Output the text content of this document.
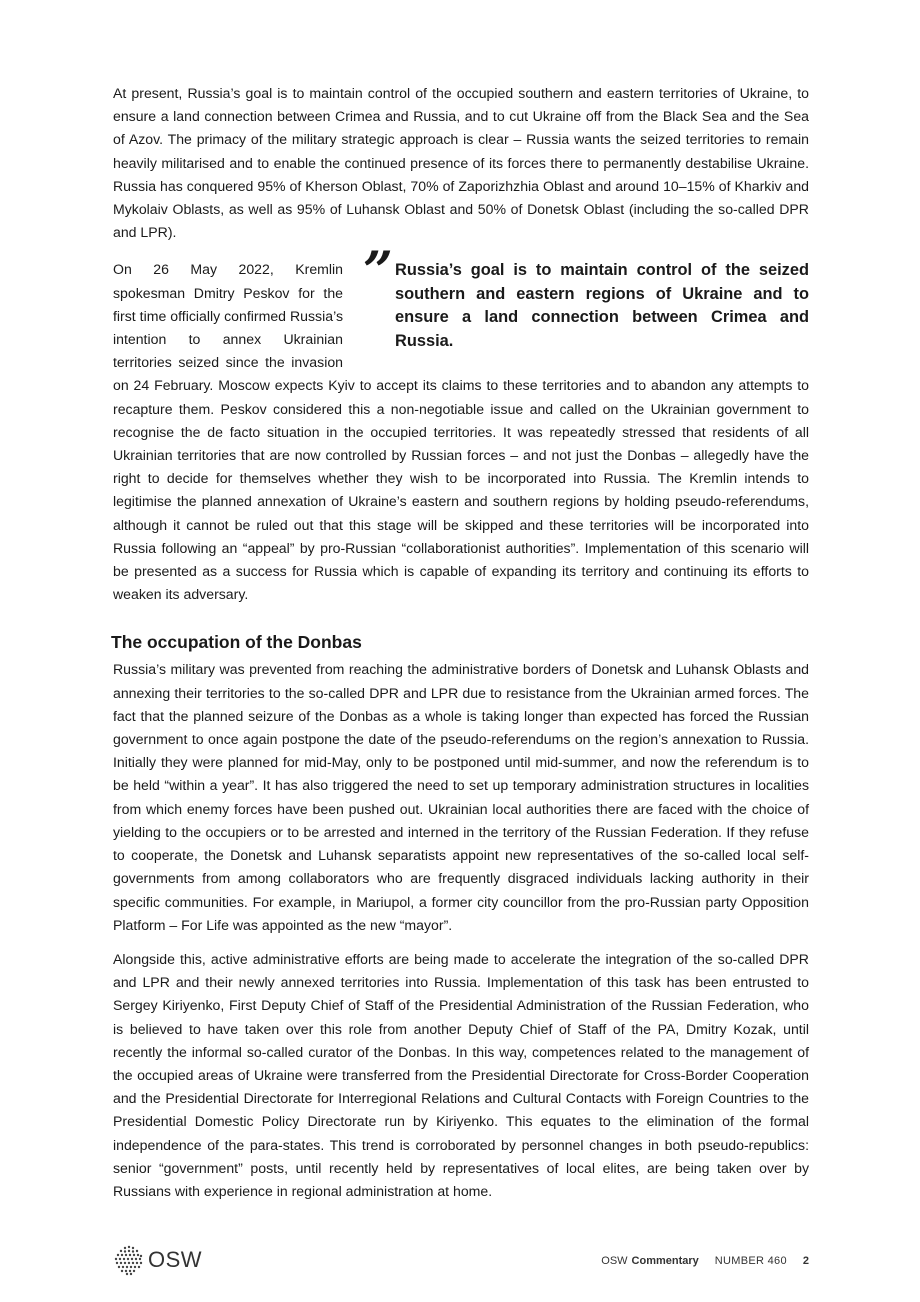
At present, Russia’s goal is to maintain control of the occupied southern and eastern territories of Ukraine, to ensure a land connection between Crimea and Russia, and to cut Ukraine off from the Black Sea and the Sea of Azov. The primacy of the military strategic approach is clear – Russia wants the seized territories to remain heavily militarised and to enable the continued presence of its forces there to permanently destabilise Ukraine. Russia has conquered 95% of Kherson Oblast, 70% of Zaporizhzhia Oblast and around 10–15% of Kharkiv and Mykolaiv Oblasts, as well as 95% of Luhansk Oblast and 50% of Donetsk Oblast (including the so-called DPR and LPR).

” Russia’s goal is to maintain control of the seized southern and eastern regions of Ukraine and to ensure a land connection between Crimea and Russia.

On 26 May 2022, Kremlin spokesman Dmitry Peskov for the first time officially confirmed Russia’s intention to annex Ukrainian territories seized since the invasion on 24 February. Moscow expects Kyiv to accept its claims to these territories and to abandon any attempts to recapture them. Peskov considered this a non-negotiable issue and called on the Ukrainian government to recognise the de facto situation in the occupied territories. It was repeatedly stressed that residents of all Ukrainian territories that are now controlled by Russian forces – and not just the Donbas – allegedly have the right to decide for themselves whether they wish to be incorporated into Russia. The Kremlin intends to legitimise the planned annexation of Ukraine’s eastern and southern regions by holding pseudo-referendums, although it cannot be ruled out that this stage will be skipped and these territories will be incorporated into Russia following an “appeal” by pro-Russian “collaborationist authorities”. Implementation of this scenario will be presented as a success for Russia which is capable of expanding its territory and continuing its efforts to weaken its adversary.

The occupation of the Donbas

Russia’s military was prevented from reaching the administrative borders of Donetsk and Luhansk Oblasts and annexing their territories to the so-called DPR and LPR due to resistance from the Ukrainian armed forces. The fact that the planned seizure of the Donbas as a whole is taking longer than expected has forced the Russian government to once again postpone the date of the pseudo-referendums on the region’s annexation to Russia. Initially they were planned for mid-May, only to be postponed until mid-summer, and now the referendum is to be held “within a year”. It has also triggered the need to set up temporary administration structures in localities from which enemy forces have been pushed out. Ukrainian local authorities there are faced with the choice of yielding to the occupiers or to be arrested and interned in the territory of the Russian Federation. If they refuse to cooperate, the Donetsk and Luhansk separatists appoint new representatives of the so-called local self-governments from among collaborators who are frequently disgraced individuals lacking authority in their specific communities. For example, in Mariupol, a former city councillor from the pro-Russian party Opposition Platform – For Life was appointed as the new “mayor”.

Alongside this, active administrative efforts are being made to accelerate the integration of the so-called DPR and LPR and their newly annexed territories into Russia. Implementation of this task has been entrusted to Sergey Kiriyenko, First Deputy Chief of Staff of the Presidential Administration of the Russian Federation, who is believed to have taken over this role from another Deputy Chief of Staff of the PA, Dmitry Kozak, until recently the informal so-called curator of the Donbas. In this way, competences related to the management of the occupied areas of Ukraine were transferred from the Presidential Directorate for Cross-Border Cooperation and the Presidential Directorate for Interregional Relations and Cultural Contacts with Foreign Countries to the Presidential Domestic Policy Directorate run by Kiriyenko. This equates to the elimination of the formal independence of the para-states. This trend is corroborated by personnel changes in both pseudo-republics: senior “government” posts, until recently held by representatives of local elites, are being taken over by Russians with experience in regional administration at home.

OSW	OSW Commentary NUMBER 460 2
